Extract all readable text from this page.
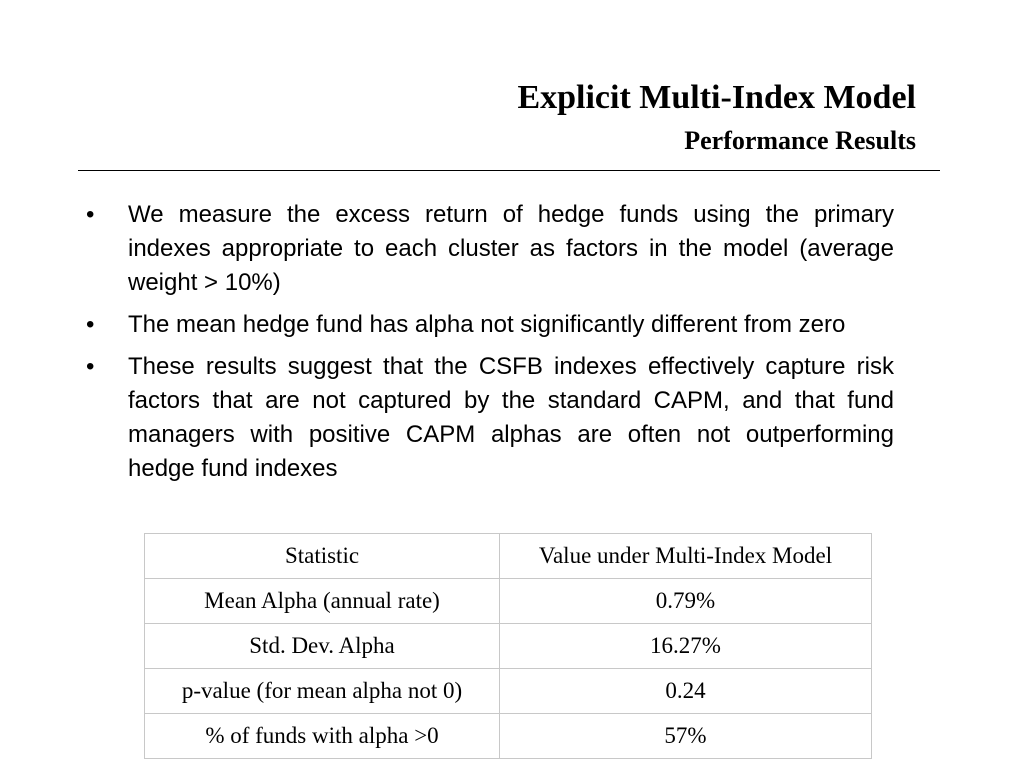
Explicit Multi-Index Model
Performance Results
• We measure the excess return of hedge funds using the primary indexes appropriate to each cluster as factors in the model (average weight > 10%)
• The mean hedge fund has alpha not significantly different from zero
• These results suggest that the CSFB indexes effectively capture risk factors that are not captured by the standard CAPM, and that fund managers with positive CAPM alphas are often not outperforming hedge fund indexes
Statistic	Value under Multi-Index Model
Mean Alpha (annual rate)	0.79%
Std. Dev. Alpha	16.27%
p-value (for mean alpha not 0)	0.24
% of funds with alpha >0	57%
